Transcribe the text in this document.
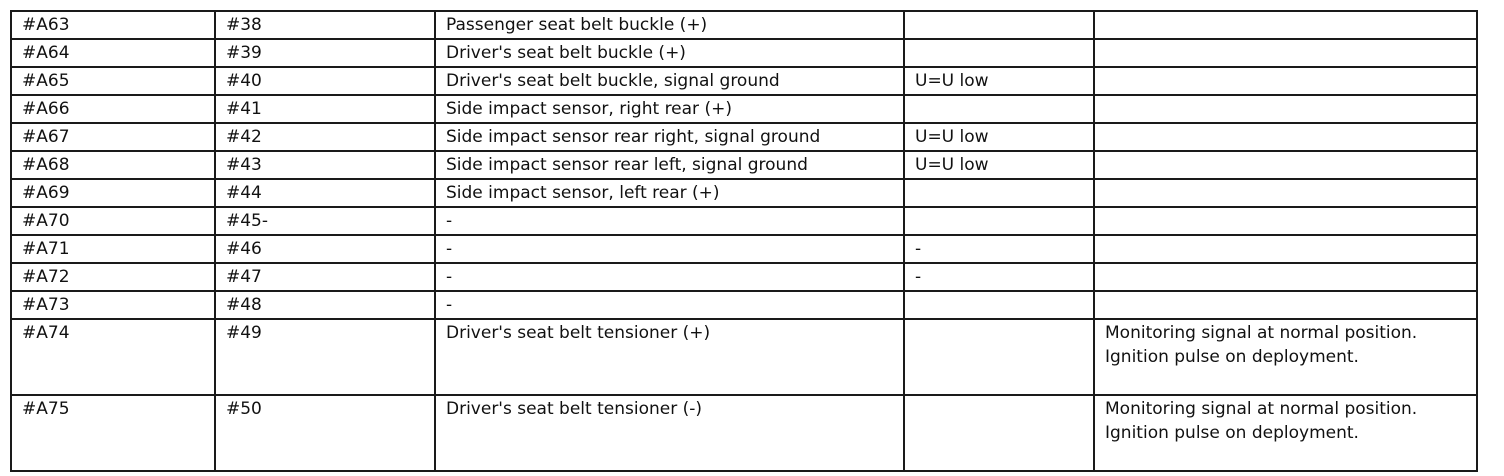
#A63	#38	Passenger seat belt buckle (+)		
#A64	#39	Driver's seat belt buckle (+)		
#A65	#40	Driver's seat belt buckle, signal ground	U=U low	
#A66	#41	Side impact sensor, right rear (+)		
#A67	#42	Side impact sensor rear right, signal ground	U=U low	
#A68	#43	Side impact sensor rear left, signal ground	U=U low	
#A69	#44	Side impact sensor, left rear (+)		
#A70	#45-	-		
#A71	#46	-	-	
#A72	#47	-	-	
#A73	#48	-		
#A74	#49	Driver's seat belt tensioner (+)		Monitoring signal at normal position. Ignition pulse on deployment.
#A75	#50	Driver's seat belt tensioner (-)		Monitoring signal at normal position. Ignition pulse on deployment.
